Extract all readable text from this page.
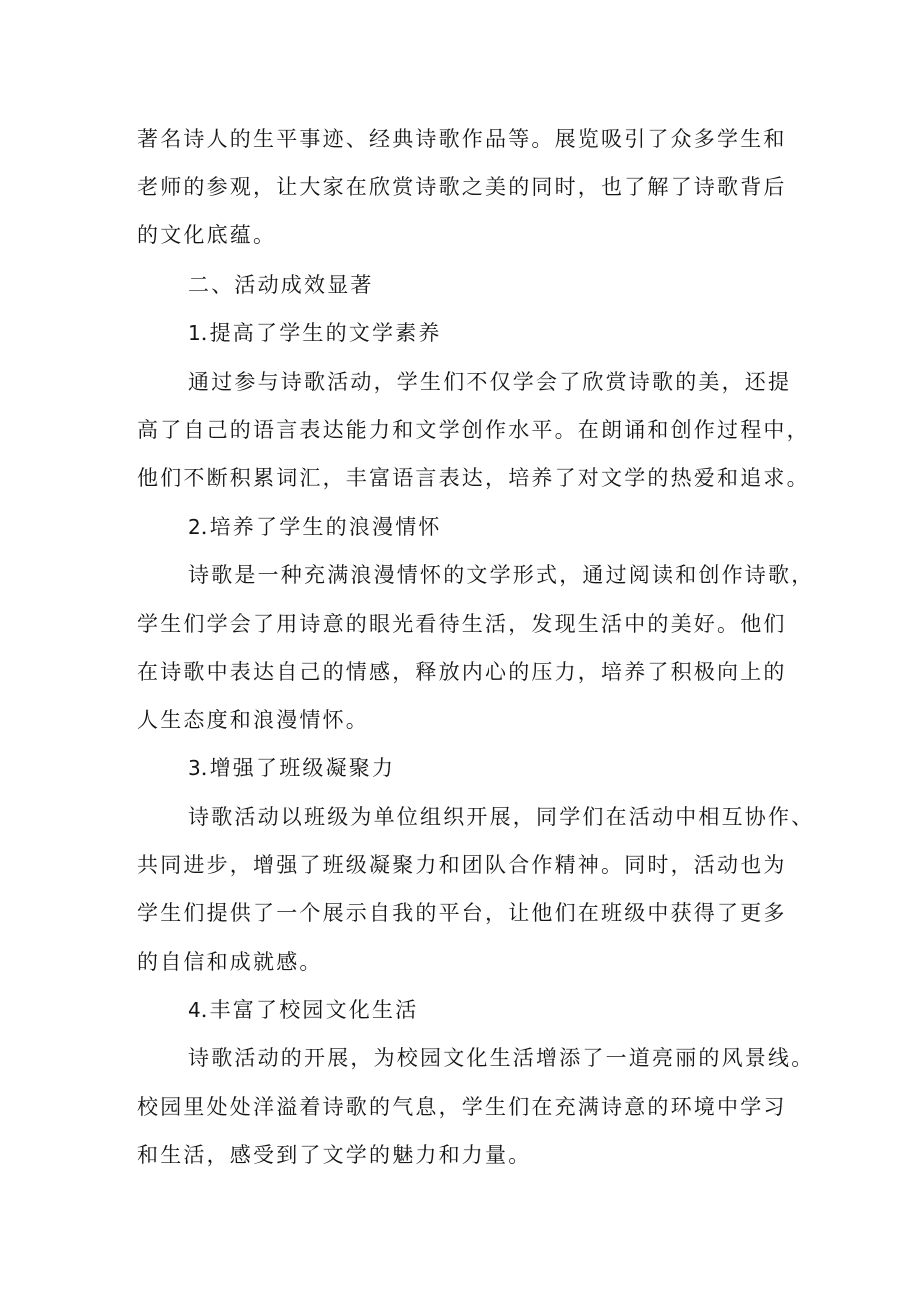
著名诗人的生平事迹、经典诗歌作品等。展览吸引了众多学生和
老师的参观，让大家在欣赏诗歌之美的同时，也了解了诗歌背后
的文化底蕴。
二、活动成效显著
1.提高了学生的文学素养
通过参与诗歌活动，学生们不仅学会了欣赏诗歌的美，还提
高了自己的语言表达能力和文学创作水平。在朗诵和创作过程中，
他们不断积累词汇，丰富语言表达，培养了对文学的热爱和追求。
2.培养了学生的浪漫情怀
诗歌是一种充满浪漫情怀的文学形式，通过阅读和创作诗歌，
学生们学会了用诗意的眼光看待生活，发现生活中的美好。他们
在诗歌中表达自己的情感，释放内心的压力，培养了积极向上的
人生态度和浪漫情怀。
3.增强了班级凝聚力
诗歌活动以班级为单位组织开展，同学们在活动中相互协作、
共同进步，增强了班级凝聚力和团队合作精神。同时，活动也为
学生们提供了一个展示自我的平台，让他们在班级中获得了更多
的自信和成就感。
4.丰富了校园文化生活
诗歌活动的开展，为校园文化生活增添了一道亮丽的风景线。
校园里处处洋溢着诗歌的气息，学生们在充满诗意的环境中学习
和生活，感受到了文学的魅力和力量。
